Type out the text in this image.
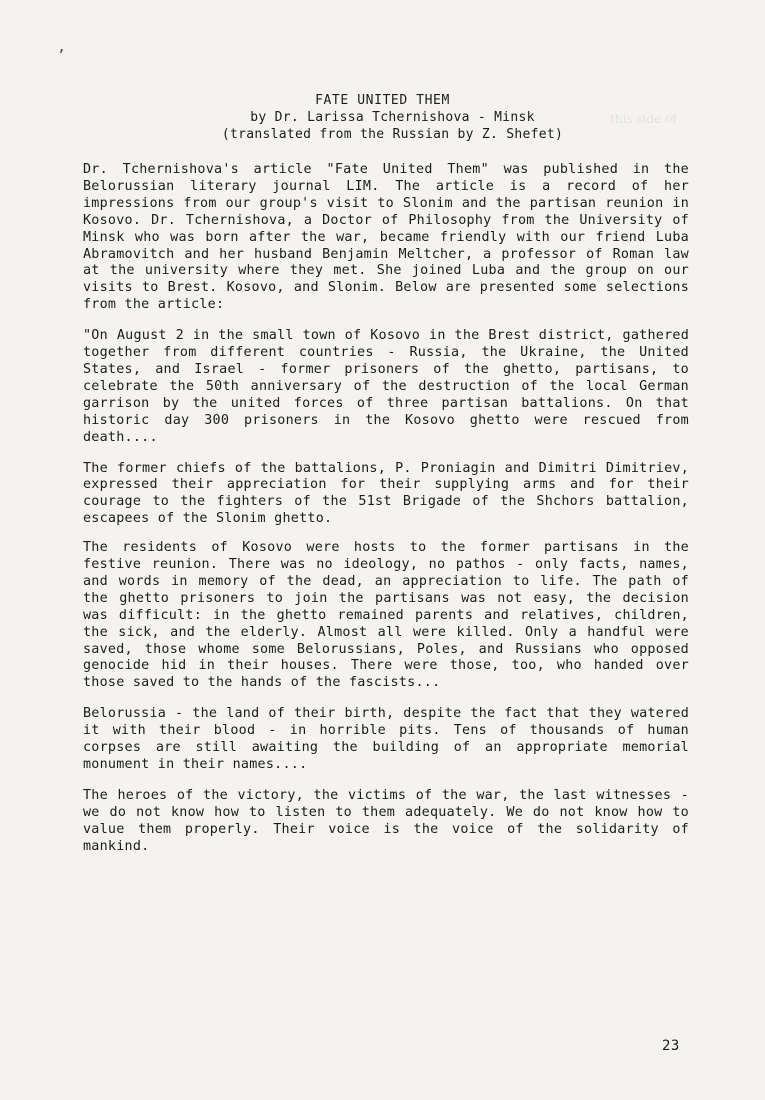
this side of
’
FATE UNITED THEM
by Dr. Larissa Tchernishova - Minsk
(translated from the Russian by Z. Shefet)

Dr. Tchernishova's article "Fate United Them" was published in the Belorussian literary journal LIM. The article is a record of her impressions from our group's visit to Slonim and the partisan reunion in Kosovo. Dr. Tchernishova, a Doctor of Philosophy from the University of Minsk who was born after the war, became friendly with our friend Luba Abramovitch and her husband Benjamin Meltcher, a professor of Roman law at the university where they met. She joined Luba and the group on our visits to Brest. Kosovo, and Slonim. Below are presented some selections from the article:

"On August 2 in the small town of Kosovo in the Brest district, gathered together from different countries - Russia, the Ukraine, the United States, and Israel - former prisoners of the ghetto, partisans, to celebrate the 50th anniversary of the destruction of the local German garrison by the united forces of three partisan battalions. On that historic day 300 prisoners in the Kosovo ghetto were rescued from death....

The former chiefs of the battalions, P. Proniagin and Dimitri Dimitriev, expressed their appreciation for their supplying arms and for their courage to the fighters of the 51st Brigade of the Shchors battalion, escapees of the Slonim ghetto.

The residents of Kosovo were hosts to the former partisans in the festive reunion. There was no ideology, no pathos - only facts, names, and words in memory of the dead, an appreciation to life. The path of the ghetto prisoners to join the partisans was not easy, the decision was difficult: in the ghetto remained parents and relatives, children, the sick, and the elderly. Almost all were killed. Only a handful were saved, those whome some Belorussians, Poles, and Russians who opposed genocide hid in their houses. There were those, too, who handed over those saved to the hands of the fascists...

Belorussia - the land of their birth, despite the fact that they watered it with their blood - in horrible pits. Tens of thousands of human corpses are still awaiting the building of an appropriate memorial monument in their names....

The heroes of the victory, the victims of the war, the last witnesses - we do not know how to listen to them adequately. We do not know how to value them properly. Their voice is the voice of the solidarity of mankind.

23
